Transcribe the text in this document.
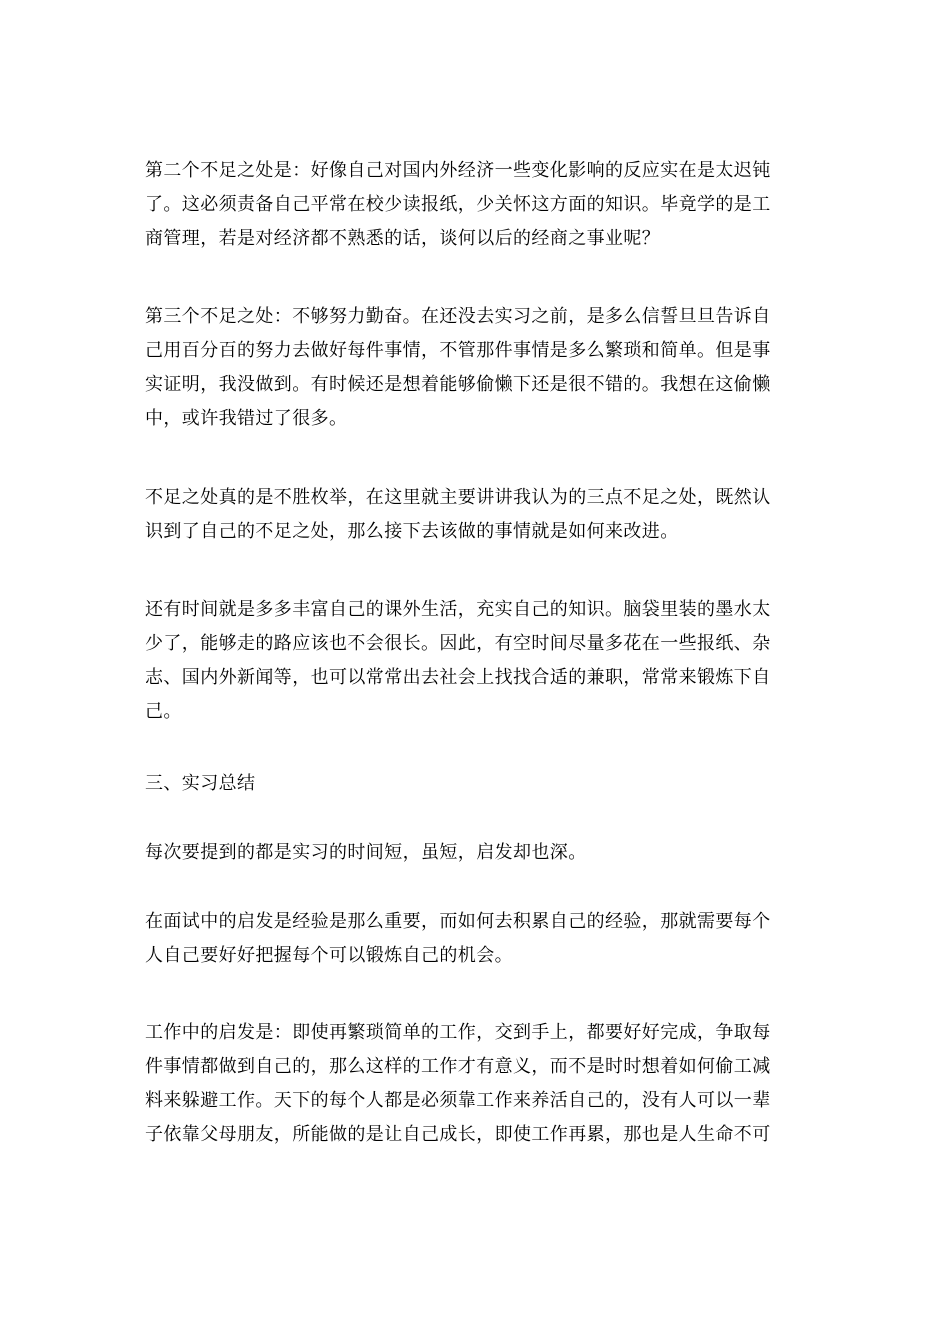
第二个不足之处是：好像自己对国内外经济一些变化影响的反应实在是太迟钝
了。这必须责备自己平常在校少读报纸，少关怀这方面的知识。毕竟学的是工
商管理，若是对经济都不熟悉的话，谈何以后的经商之事业呢？
第三个不足之处：不够努力勤奋。在还没去实习之前，是多么信誓旦旦告诉自
己用百分百的努力去做好每件事情，不管那件事情是多么繁琐和简单。但是事
实证明，我没做到。有时候还是想着能够偷懒下还是很不错的。我想在这偷懒
中，或许我错过了很多。
不足之处真的是不胜枚举，在这里就主要讲讲我认为的三点不足之处，既然认
识到了自己的不足之处，那么接下去该做的事情就是如何来改进。
还有时间就是多多丰富自己的课外生活，充实自己的知识。脑袋里装的墨水太
少了，能够走的路应该也不会很长。因此，有空时间尽量多花在一些报纸、杂
志、国内外新闻等，也可以常常出去社会上找找合适的兼职，常常来锻炼下自
己。
三、实习总结
每次要提到的都是实习的时间短，虽短，启发却也深。
在面试中的启发是经验是那么重要，而如何去积累自己的经验，那就需要每个
人自己要好好把握每个可以锻炼自己的机会。
工作中的启发是：即使再繁琐简单的工作，交到手上，都要好好完成，争取每
件事情都做到自己的，那么这样的工作才有意义，而不是时时想着如何偷工减
料来躲避工作。天下的每个人都是必须靠工作来养活自己的，没有人可以一辈
子依靠父母朋友，所能做的是让自己成长，即使工作再累，那也是人生命不可
